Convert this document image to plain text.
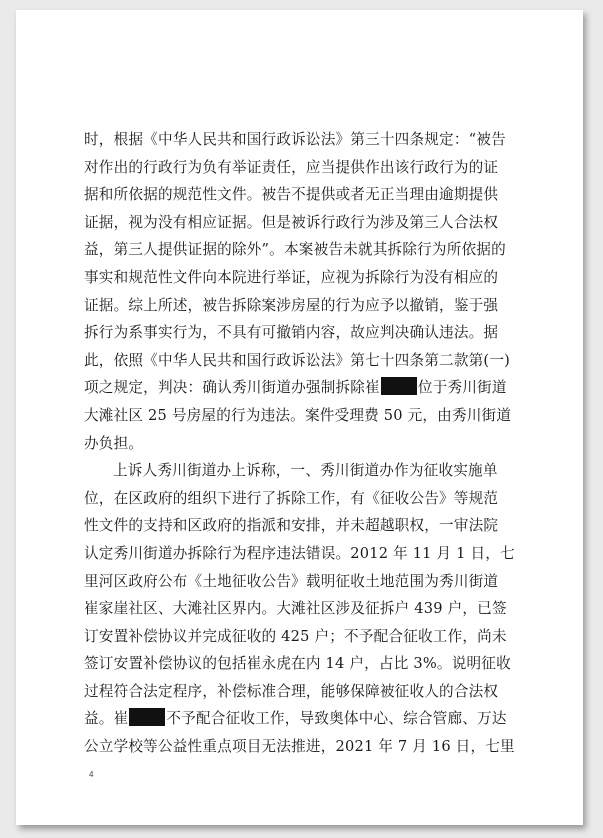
时，根据《中华人民共和国行政诉讼法》第三十四条规定：“被告
对作出的行政行为负有举证责任，应当提供作出该行政行为的证
据和所依据的规范性文件。被告不提供或者无正当理由逾期提供
证据，视为没有相应证据。但是被诉行政行为涉及第三人合法权
益，第三人提供证据的除外”。本案被告未就其拆除行为所依据的
事实和规范性文件向本院进行举证，应视为拆除行为没有相应的
证据。综上所述，被告拆除案涉房屋的行为应予以撤销，鉴于强
拆行为系事实行为，不具有可撤销内容，故应判决确认违法。据
此，依照《中华人民共和国行政诉讼法》第七十四条第二款第(一)
项之规定，判决：确认秀川街道办强制拆除崔	位于秀川街道
大滩社区 25 号房屋的行为违法。案件受理费 50 元，由秀川街道
办负担。
上诉人秀川街道办上诉称，一、秀川街道办作为征收实施单
位，在区政府的组织下进行了拆除工作，有《征收公告》等规范
性文件的支持和区政府的指派和安排，并未超越职权，一审法院
认定秀川街道办拆除行为程序违法错误。2012 年 11 月 1 日，七
里河区政府公布《土地征收公告》载明征收土地范围为秀川街道
崔家崖社区、大滩社区界内。大滩社区涉及征拆户 439 户，已签
订安置补偿协议并完成征收的 425 户；不予配合征收工作，尚未
签订安置补偿协议的包括崔永虎在内 14 户，占比 3%。说明征收
过程符合法定程序，补偿标准合理，能够保障被征收人的合法权
益。崔	不予配合征收工作，导致奥体中心、综合管廊、万达
公立学校等公益性重点项目无法推进，2021 年 7 月 16 日，七里
4
